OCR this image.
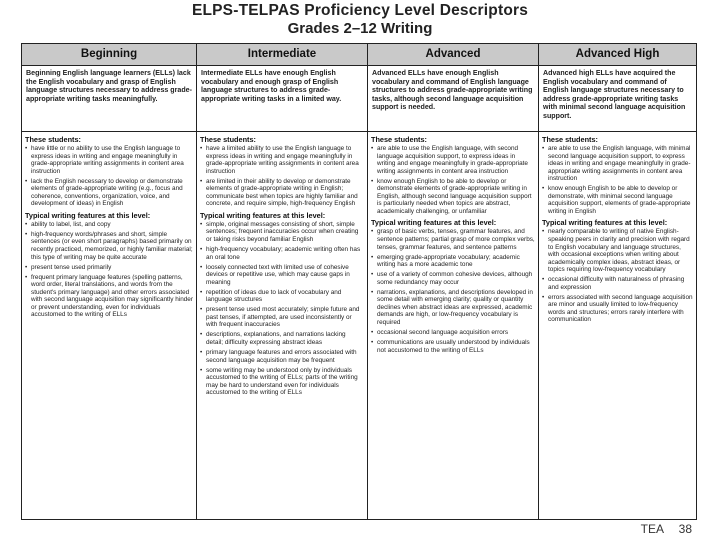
ELPS-TELPAS Proficiency Level Descriptors
Grades 2–12 Writing
Beginning
Beginning English language learners (ELLs) lack the English vocabulary and grasp of English language structures necessary to address grade-appropriate writing tasks meaningfully.
These students:
• have little or no ability to use the English language to express ideas in writing and engage meaningfully in grade-appropriate writing assignments in content area instruction
• lack the English necessary to develop or demonstrate elements of grade-appropriate writing (e.g., focus and coherence, conventions, organization, voice, and development of ideas) in English
Typical writing features at this level:
• ability to label, list, and copy
• high-frequency words/phrases and short, simple sentences (or even short paragraphs) based primarily on recently practiced, memorized, or highly familiar material; this type of writing may be quite accurate
• present tense used primarily
• frequent primary language features (spelling patterns, word order, literal translations, and words from the student's primary language) and other errors associated with second language acquisition may significantly hinder or prevent understanding, even for individuals accustomed to the writing of ELLs
Intermediate
Intermediate ELLs have enough English vocabulary and enough grasp of English language structures to address grade-appropriate writing tasks in a limited way.
These students:
• have a limited ability to use the English language to express ideas in writing and engage meaningfully in grade-appropriate writing assignments in content area instruction
• are limited in their ability to develop or demonstrate elements of grade-appropriate writing in English; communicate best when topics are highly familiar and concrete, and require simple, high-frequency English
Typical writing features at this level:
• simple, original messages consisting of short, simple sentences; frequent inaccuracies occur when creating or taking risks beyond familiar English
• high-frequency vocabulary; academic writing often has an oral tone
• loosely connected text with limited use of cohesive devices or repetitive use, which may cause gaps in meaning
• repetition of ideas due to lack of vocabulary and language structures
• present tense used most accurately; simple future and past tenses, if attempted, are used inconsistently or with frequent inaccuracies
• descriptions, explanations, and narrations lacking detail; difficulty expressing abstract ideas
• primary language features and errors associated with second language acquisition may be frequent
• some writing may be understood only by individuals accustomed to the writing of ELLs; parts of the writing may be hard to understand even for individuals accustomed to the writing of ELLs
Advanced
Advanced ELLs have enough English vocabulary and command of English language structures to address grade-appropriate writing tasks, although second language acquisition support is needed.
These students:
• are able to use the English language, with second language acquisition support, to express ideas in writing and engage meaningfully in grade-appropriate writing assignments in content area instruction
• know enough English to be able to develop or demonstrate elements of grade-appropriate writing in English, although second language acquisition support is particularly needed when topics are abstract, academically challenging, or unfamiliar
Typical writing features at this level:
• grasp of basic verbs, tenses, grammar features, and sentence patterns; partial grasp of more complex verbs, tenses, grammar features, and sentence patterns
• emerging grade-appropriate vocabulary; academic writing has a more academic tone
• use of a variety of common cohesive devices, although some redundancy may occur
• narrations, explanations, and descriptions developed in some detail with emerging clarity; quality or quantity declines when abstract ideas are expressed, academic demands are high, or low-frequency vocabulary is required
• occasional second language acquisition errors
• communications are usually understood by individuals not accustomed to the writing of ELLs
Advanced High
Advanced high ELLs have acquired the English vocabulary and command of English language structures necessary to address grade-appropriate writing tasks with minimal second language acquisition support.
These students:
• are able to use the English language, with minimal second language acquisition support, to express ideas in writing and engage meaningfully in grade-appropriate writing assignments in content area instruction
• know enough English to be able to develop or demonstrate, with minimal second language acquisition support, elements of grade-appropriate writing in English
Typical writing features at this level:
• nearly comparable to writing of native English-speaking peers in clarity and precision with regard to English vocabulary and language structures, with occasional exceptions when writing about academically complex ideas, abstract ideas, or topics requiring low-frequency vocabulary
• occasional difficulty with naturalness of phrasing and expression
• errors associated with second language acquisition are minor and usually limited to low-frequency words and structures; errors rarely interfere with communication
TEA 38
